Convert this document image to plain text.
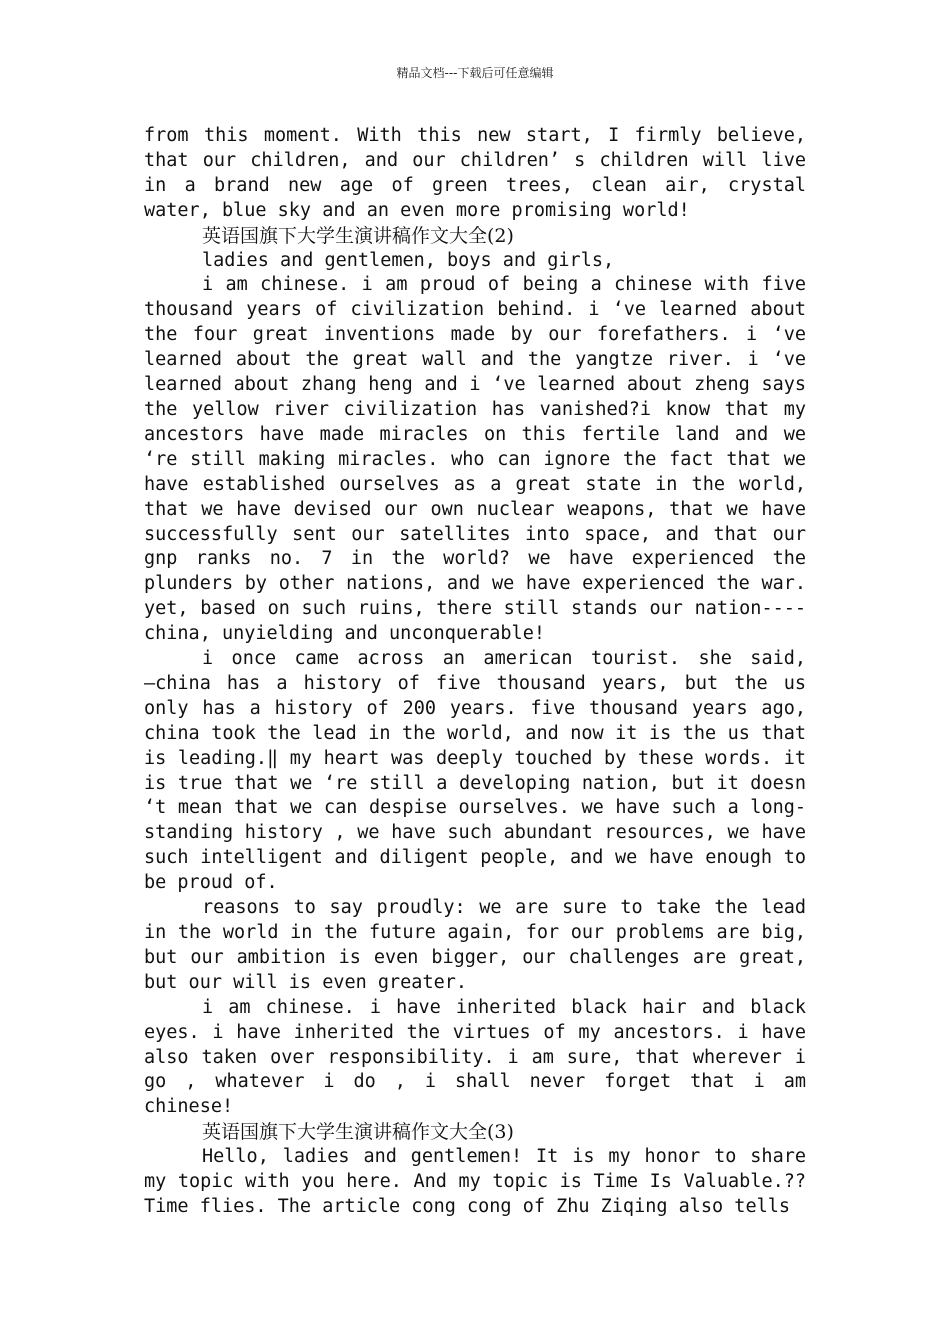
精品文档---下载后可任意编辑

from this moment. With this new start, I firmly believe, that our children, and our children’ s children will live in a brand new age of green trees, clean air, crystal water, blue sky and an even more promising world!

英语国旗下大学生演讲稿作文大全(2)

ladies and gentlemen, boys and girls,

i am chinese. i am proud of being a chinese with five thousand years of civilization behind. i ‘ve learned about the four great inventions made by our forefathers. i ‘ve learned about the great wall and the yangtze river. i ‘ve learned about zhang heng and i ‘ve learned about zheng says the yellow river civilization has vanished?i know that my ancestors have made miracles on this fertile land and we ‘re still making miracles. who can ignore the fact that we have established ourselves as a great state in the world, that we have devised our own nuclear weapons, that we have successfully sent our satellites into space, and that our gnp ranks no. 7 in the world? we have experienced the plunders by other nations, and we have experienced the war. yet, based on such ruins, there still stands our nation----china, unyielding and unconquerable!

i once came across an american tourist. she said, ―china has a history of five thousand years, but the us only has a history of 200 years. five thousand years ago, china took the lead in the world, and now it is the us that is leading.‖ my heart was deeply touched by these words. it is true that we ‘re still a developing nation, but it doesn ‘t mean that we can despise ourselves. we have such a long-standing history , we have such abundant resources, we have such intelligent and diligent people, and we have enough to be proud of.

reasons to say proudly: we are sure to take the lead in the world in the future again, for our problems are big, but our ambition is even bigger, our challenges are great, but our will is even greater.

i am chinese. i have inherited black hair and black eyes. i have inherited the virtues of my ancestors. i have also taken over responsibility. i am sure, that wherever i go , whatever i do , i shall never forget that i am chinese!

英语国旗下大学生演讲稿作文大全(3)

Hello, ladies and gentlemen! It is my honor to share my topic with you here. And my topic is Time Is Valuable.?? Time flies. The article cong cong of Zhu Ziqing also tells
